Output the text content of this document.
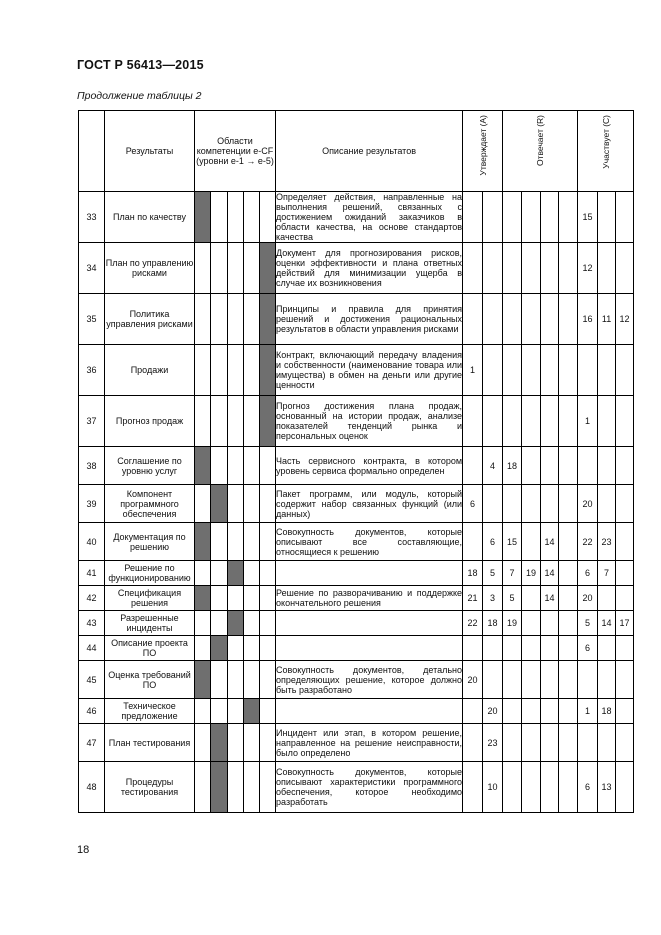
ГОСТ Р 56413—2015
Продолжение таблицы 2
	Результаты	Области компетенции e-CF (уровни e-1 → e-5)					Описание результатов	Утверждает (A)		Отвечает (R)				Участвует (C)		
33	План по качеству						Определяет действия, направленные на выполнения решений, связанных с достижением ожиданий заказчиков в области качества, на основе стандартов качества							15		
34	План по управлению рисками						Документ для прогнозирования рисков, оценки эффективности и плана ответных действий для минимизации ущерба в случае их возникновения							12		
35	Политика управления рисками						Принципы и правила для принятия решений и достижения рациональных результатов в области управления рисками							16	11	12
36	Продажи						Контракт, включающий передачу владения и собственности (наименование товара или имущества) в обмен на деньги или другие ценности	1								
37	Прогноз продаж						Прогноз достижения плана продаж, основанный на истории продаж, анализе показателей тенденций рынка и персональных оценок							1		
38	Соглашение по уровню услуг						Часть сервисного контракта, в котором уровень сервиса формально определен		4	18						
39	Компонент программного обеспечения						Пакет программ, или модуль, который содержит набор связанных функций (или данных)	6						20		
40	Документация по решению						Совокупность документов, которые описывают все составляющие, относящиеся к решению		6	15		14		22	23	
41	Решение по функционированию							18	5	7	19	14		6	7	
42	Спецификация решения						Решение по разворачиванию и поддержке окончательного решения	21	3	5		14		20		
43	Разрешенные инциденты							22	18	19				5	14	17
44	Описание проекта ПО													6		
45	Оценка требований ПО						Совокупность документов, детально определяющих решение, которое должно быть разработано	20								
46	Техническое предложение								20					1	18	
47	План тестирования						Инцидент или этап, в котором решение, направленное на решение неисправности, было определено		23							
48	Процедуры тестирования						Совокупность документов, которые описывают характеристики программного обеспечения, которое необходимо разработать		10					6	13	
18
